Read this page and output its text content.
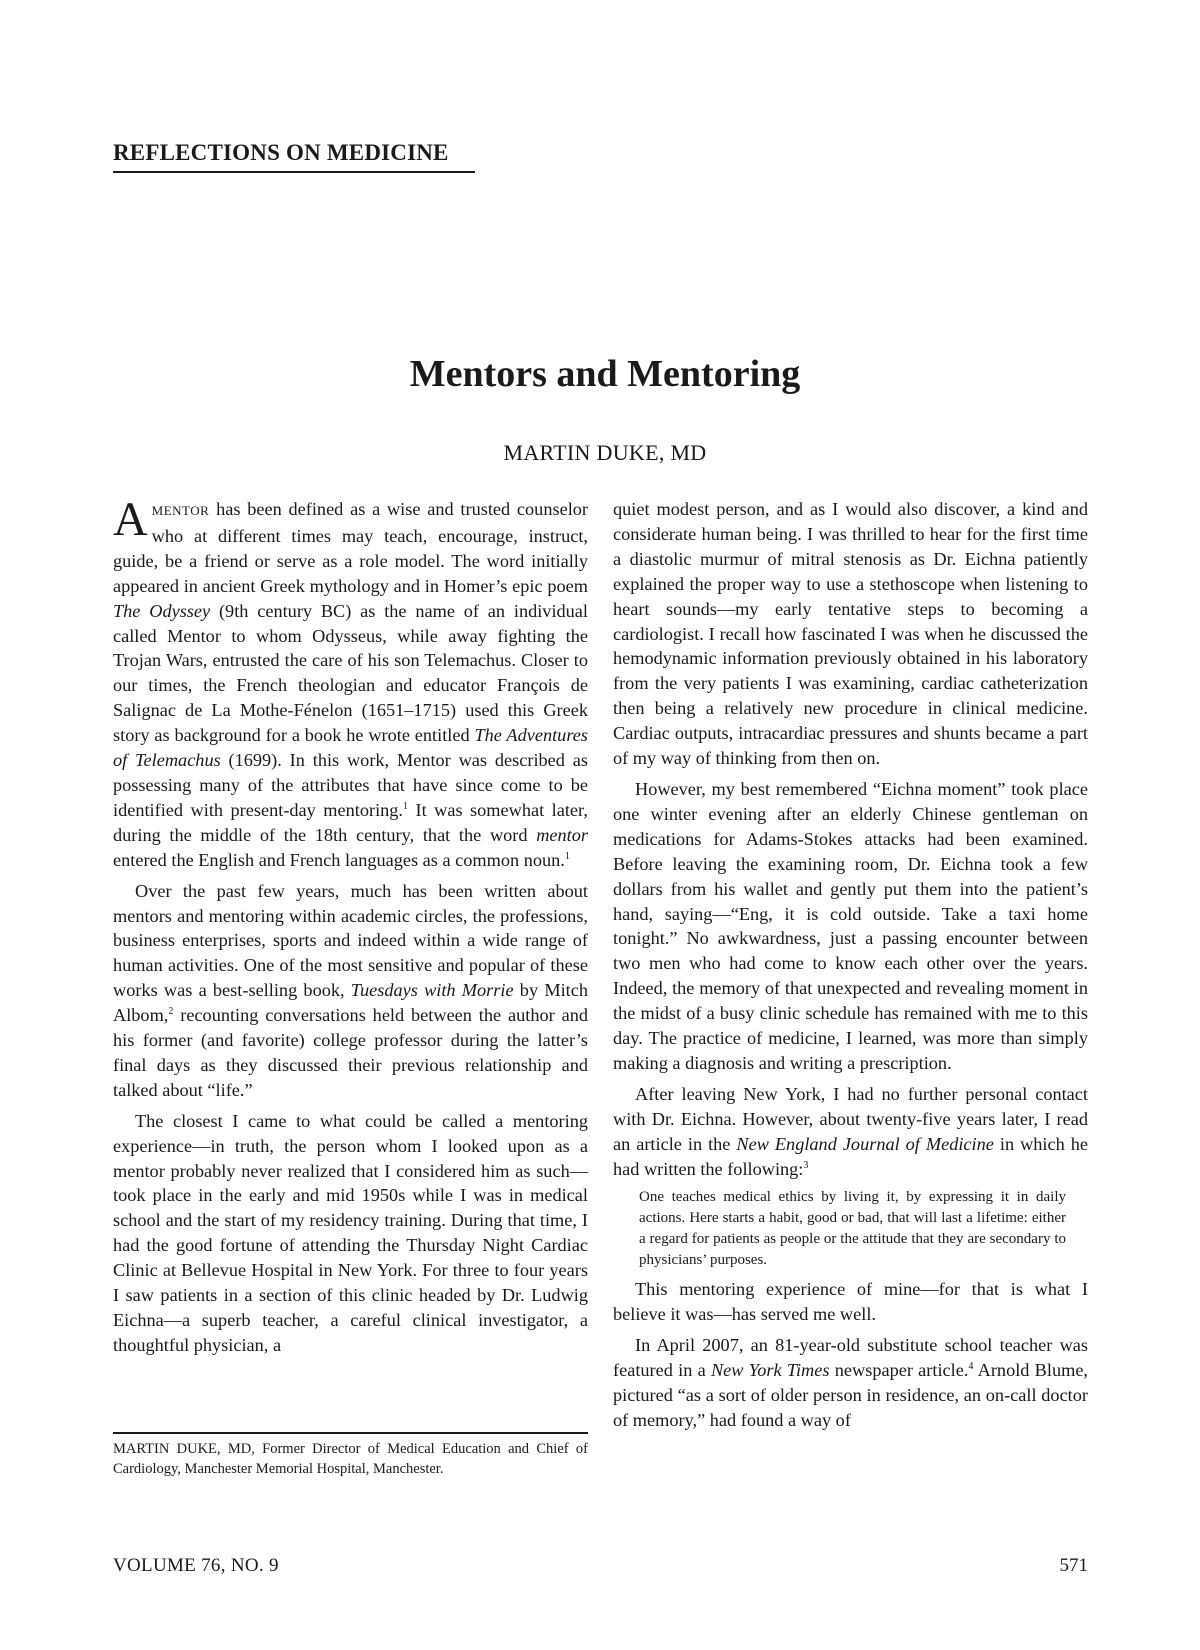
REFLECTIONS ON MEDICINE
Mentors and Mentoring
MARTIN DUKE, MD

AMENTOR has been defined as a wise and trusted counselor who at different times may teach, encourage, instruct, guide, be a friend or serve as a role model. The word initially appeared in ancient Greek mythology and in Homer’s epic poem The Odyssey (9th century BC) as the name of an individual called Mentor to whom Odysseus, while away fighting the Trojan Wars, entrusted the care of his son Telemachus. Closer to our times, the French theologian and educator François de Salignac de La Mothe-Fénelon (1651–1715) used this Greek story as background for a book he wrote entitled The Adventures of Telemachus (1699). In this work, Mentor was described as possessing many of the attributes that have since come to be identified with present-day mentoring.$^1$ It was somewhat later, during the middle of the 18th century, that the word mentor entered the English and French languages as a common noun.$^1$

Over the past few years, much has been written about mentors and mentoring within academic circles, the professions, business enterprises, sports and indeed within a wide range of human activities. One of the most sensitive and popular of these works was a best-selling book, Tuesdays with Morrie by Mitch Albom,$^2$ recounting conversations held between the author and his former (and favorite) college professor during the latter’s final days as they discussed their previous relationship and talked about “life.”

The closest I came to what could be called a mentoring experience—in truth, the person whom I looked upon as a mentor probably never realized that I considered him as such—took place in the early and mid 1950s while I was in medical school and the start of my residency training. During that time, I had the good fortune of attending the Thursday Night Cardiac Clinic at Bellevue Hospital in New York. For three to four years I saw patients in a section of this clinic headed by Dr. Ludwig Eichna—a superb teacher, a careful clinical investigator, a thoughtful physician, a

quiet modest person, and as I would also discover, a kind and considerate human being. I was thrilled to hear for the first time a diastolic murmur of mitral stenosis as Dr. Eichna patiently explained the proper way to use a stethoscope when listening to heart sounds—my early tentative steps to becoming a cardiologist. I recall how fascinated I was when he discussed the hemodynamic information previously obtained in his laboratory from the very patients I was examining, cardiac catheterization then being a relatively new procedure in clinical medicine. Cardiac outputs, intracardiac pressures and shunts became a part of my way of thinking from then on.

However, my best remembered “Eichna moment” took place one winter evening after an elderly Chinese gentleman on medications for Adams-Stokes attacks had been examined. Before leaving the examining room, Dr. Eichna took a few dollars from his wallet and gently put them into the patient’s hand, saying—“Eng, it is cold outside. Take a taxi home tonight.” No awkwardness, just a passing encounter between two men who had come to know each other over the years. Indeed, the memory of that unexpected and revealing moment in the midst of a busy clinic schedule has remained with me to this day. The practice of medicine, I learned, was more than simply making a diagnosis and writing a prescription.

After leaving New York, I had no further personal contact with Dr. Eichna. However, about twenty-five years later, I read an article in the New England Journal of Medicine in which he had written the following:$^3$

One teaches medical ethics by living it, by expressing it in daily actions. Here starts a habit, good or bad, that will last a lifetime: either a regard for patients as people or the attitude that they are secondary to physicians’ purposes.

This mentoring experience of mine—for that is what I believe it was—has served me well.

In April 2007, an 81-year-old substitute school teacher was featured in a New York Times newspaper article.$^4$ Arnold Blume, pictured “as a sort of older person in residence, an on-call doctor of memory,” had found a way of

MARTIN DUKE, MD, Former Director of Medical Education and Chief of Cardiology, Manchester Memorial Hospital, Manchester.
VOLUME 76, NO. 9	571
